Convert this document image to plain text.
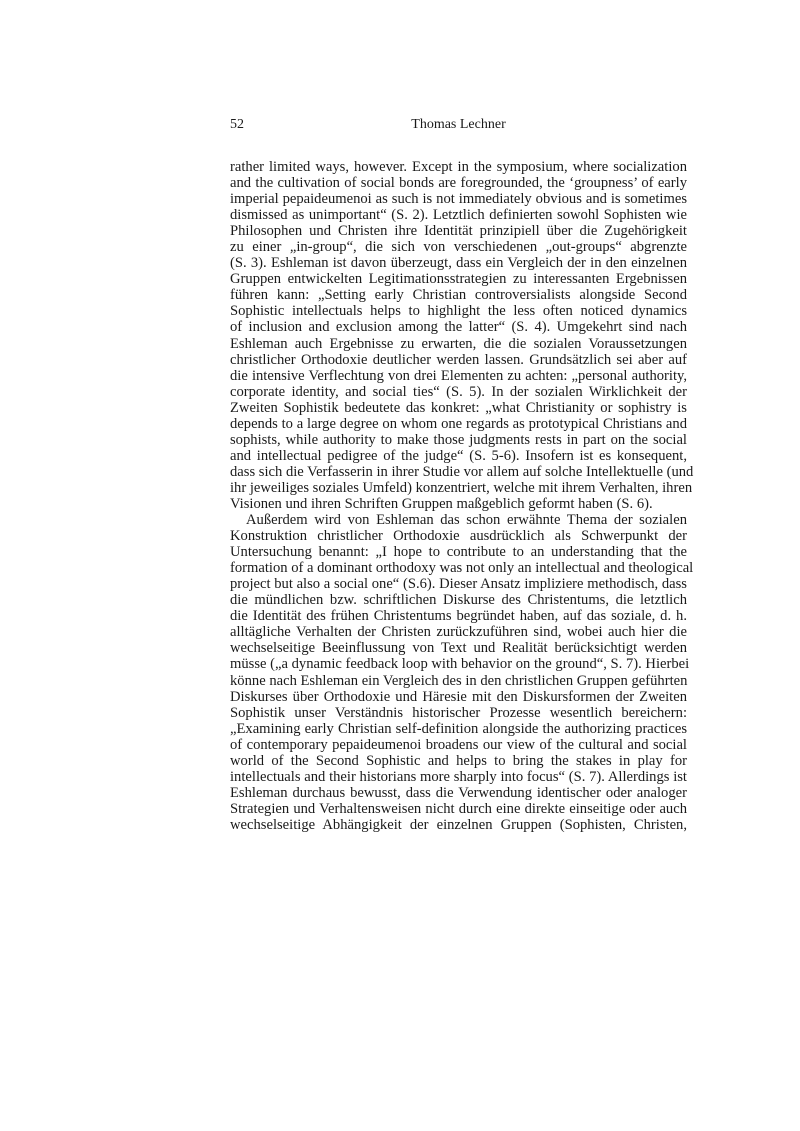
52	Thomas Lechner
rather limited ways, however. Except in the symposium, where socialization
and the cultivation of social bonds are foregrounded, the ‘groupness’ of early
imperial pepaideumenoi as such is not immediately obvious and is sometimes
dismissed as unimportant“ (S. 2). Letztlich definierten sowohl Sophisten wie
Philosophen und Christen ihre Identität prinzipiell über die Zugehörigkeit
zu einer „in-group“, die sich von verschiedenen „out-groups“ abgrenzte
(S. 3). Eshleman ist davon überzeugt, dass ein Vergleich der in den einzelnen
Gruppen entwickelten Legitimationsstrategien zu interessanten Ergebnissen
führen kann: „Setting early Christian controversialists alongside Second
Sophistic intellectuals helps to highlight the less often noticed dynamics
of inclusion and exclusion among the latter“ (S. 4). Umgekehrt sind nach
Eshleman auch Ergebnisse zu erwarten, die die sozialen Voraussetzungen
christlicher Orthodoxie deutlicher werden lassen. Grundsätzlich sei aber auf
die intensive Verflechtung von drei Elementen zu achten: „personal authority,
corporate identity, and social ties“ (S. 5). In der sozialen Wirklichkeit der
Zweiten Sophistik bedeutete das konkret: „what Christianity or sophistry is
depends to a large degree on whom one regards as prototypical Christians and
sophists, while authority to make those judgments rests in part on the social
and intellectual pedigree of the judge“ (S. 5-6). Insofern ist es konsequent,
dass sich die Verfasserin in ihrer Studie vor allem auf solche Intellektuelle (und
ihr jeweiliges soziales Umfeld) konzentriert, welche mit ihrem Verhalten, ihren
Visionen und ihren Schriften Gruppen maßgeblich geformt haben (S. 6).
Außerdem wird von Eshleman das schon erwähnte Thema der sozialen
Konstruktion christlicher Orthodoxie ausdrücklich als Schwerpunkt der
Untersuchung benannt: „I hope to contribute to an understanding that the
formation of a dominant orthodoxy was not only an intellectual and theological
project but also a social one“ (S.6). Dieser Ansatz impliziere methodisch, dass
die mündlichen bzw. schriftlichen Diskurse des Christentums, die letztlich
die Identität des frühen Christentums begründet haben, auf das soziale, d. h.
alltägliche Verhalten der Christen zurückzuführen sind, wobei auch hier die
wechselseitige Beeinflussung von Text und Realität berücksichtigt werden
müsse („a dynamic feedback loop with behavior on the ground“, S. 7). Hierbei
könne nach Eshleman ein Vergleich des in den christlichen Gruppen geführten
Diskurses über Orthodoxie und Häresie mit den Diskursformen der Zweiten
Sophistik unser Verständnis historischer Prozesse wesentlich bereichern:
„Examining early Christian self-definition alongside the authorizing practices
of contemporary pepaideumenoi broadens our view of the cultural and social
world of the Second Sophistic and helps to bring the stakes in play for
intellectuals and their historians more sharply into focus“ (S. 7). Allerdings ist
Eshleman durchaus bewusst, dass die Verwendung identischer oder analoger
Strategien und Verhaltensweisen nicht durch eine direkte einseitige oder auch
wechselseitige Abhängigkeit der einzelnen Gruppen (Sophisten, Christen,
